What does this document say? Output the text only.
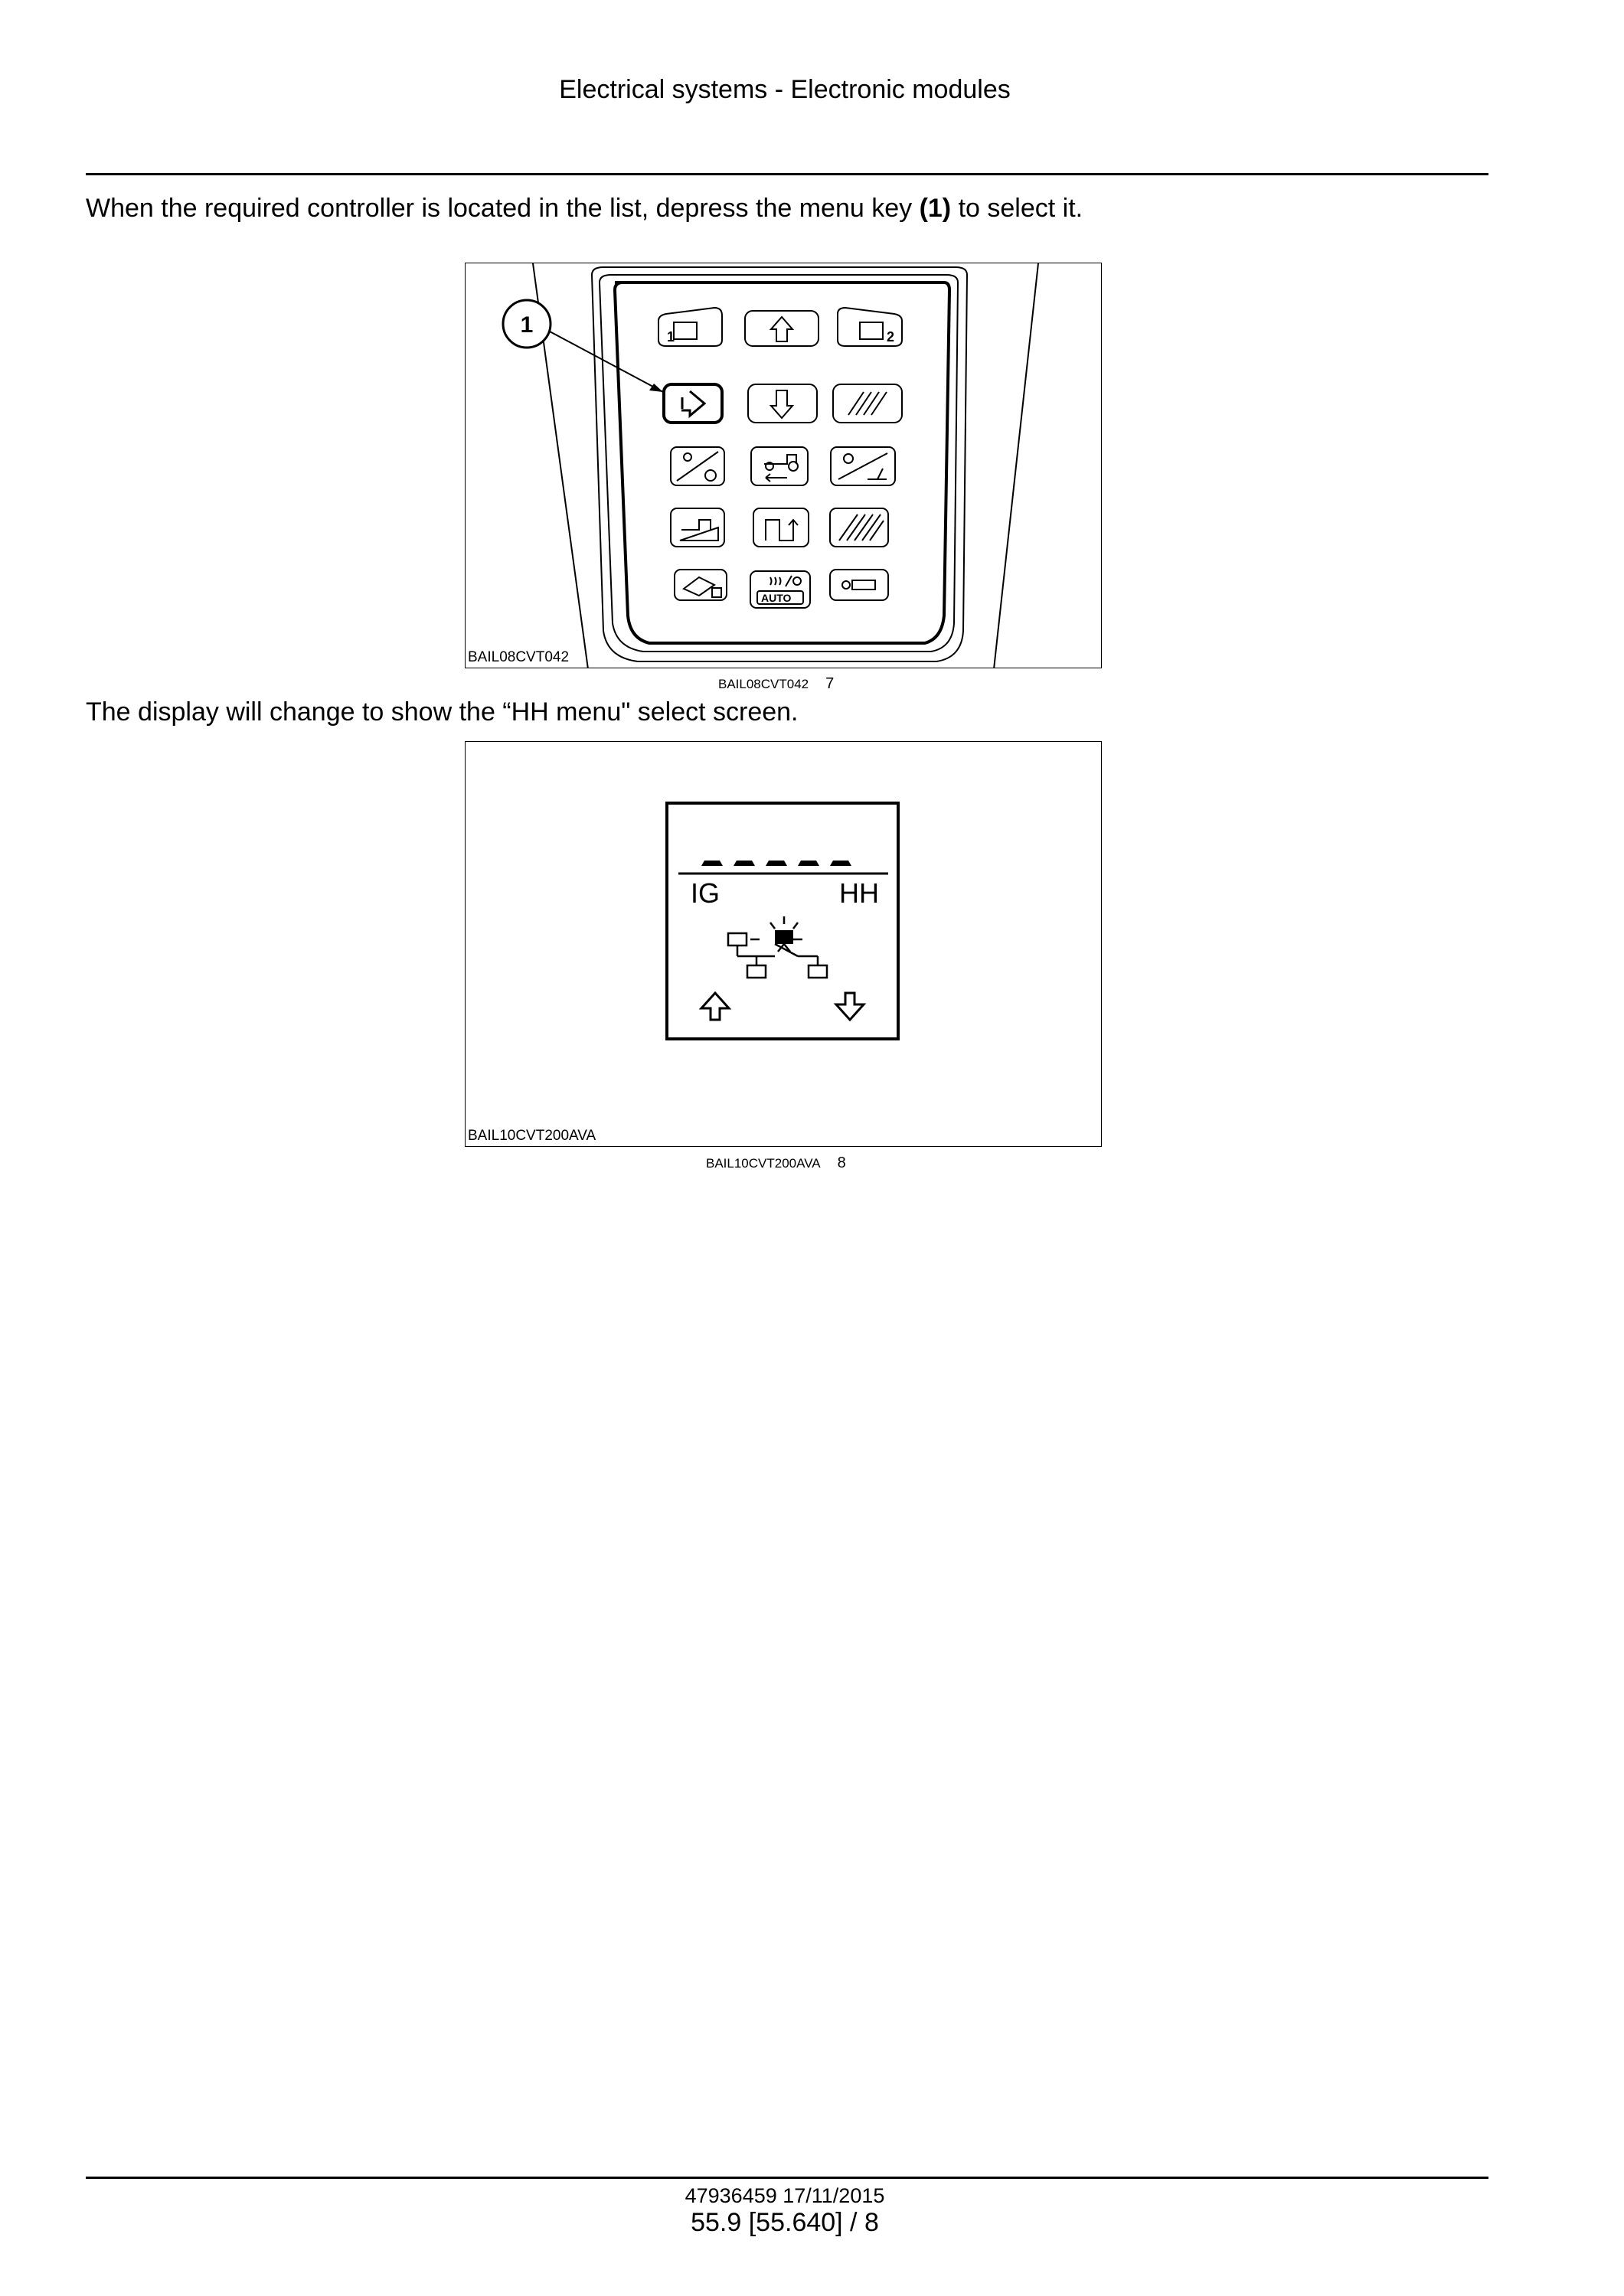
Electrical systems - Electronic modules
When the required controller is located in the list, depress the menu key (1) to select it.
1	2
AUTO
1
BAIL08CVT042
BAIL08CVT042 7
The display will change to show the “HH menu" select screen.
IG	HH
BAIL10CVT200AVA
BAIL10CVT200AVA 8
47936459 17/11/2015
55.9 [55.640] / 8
